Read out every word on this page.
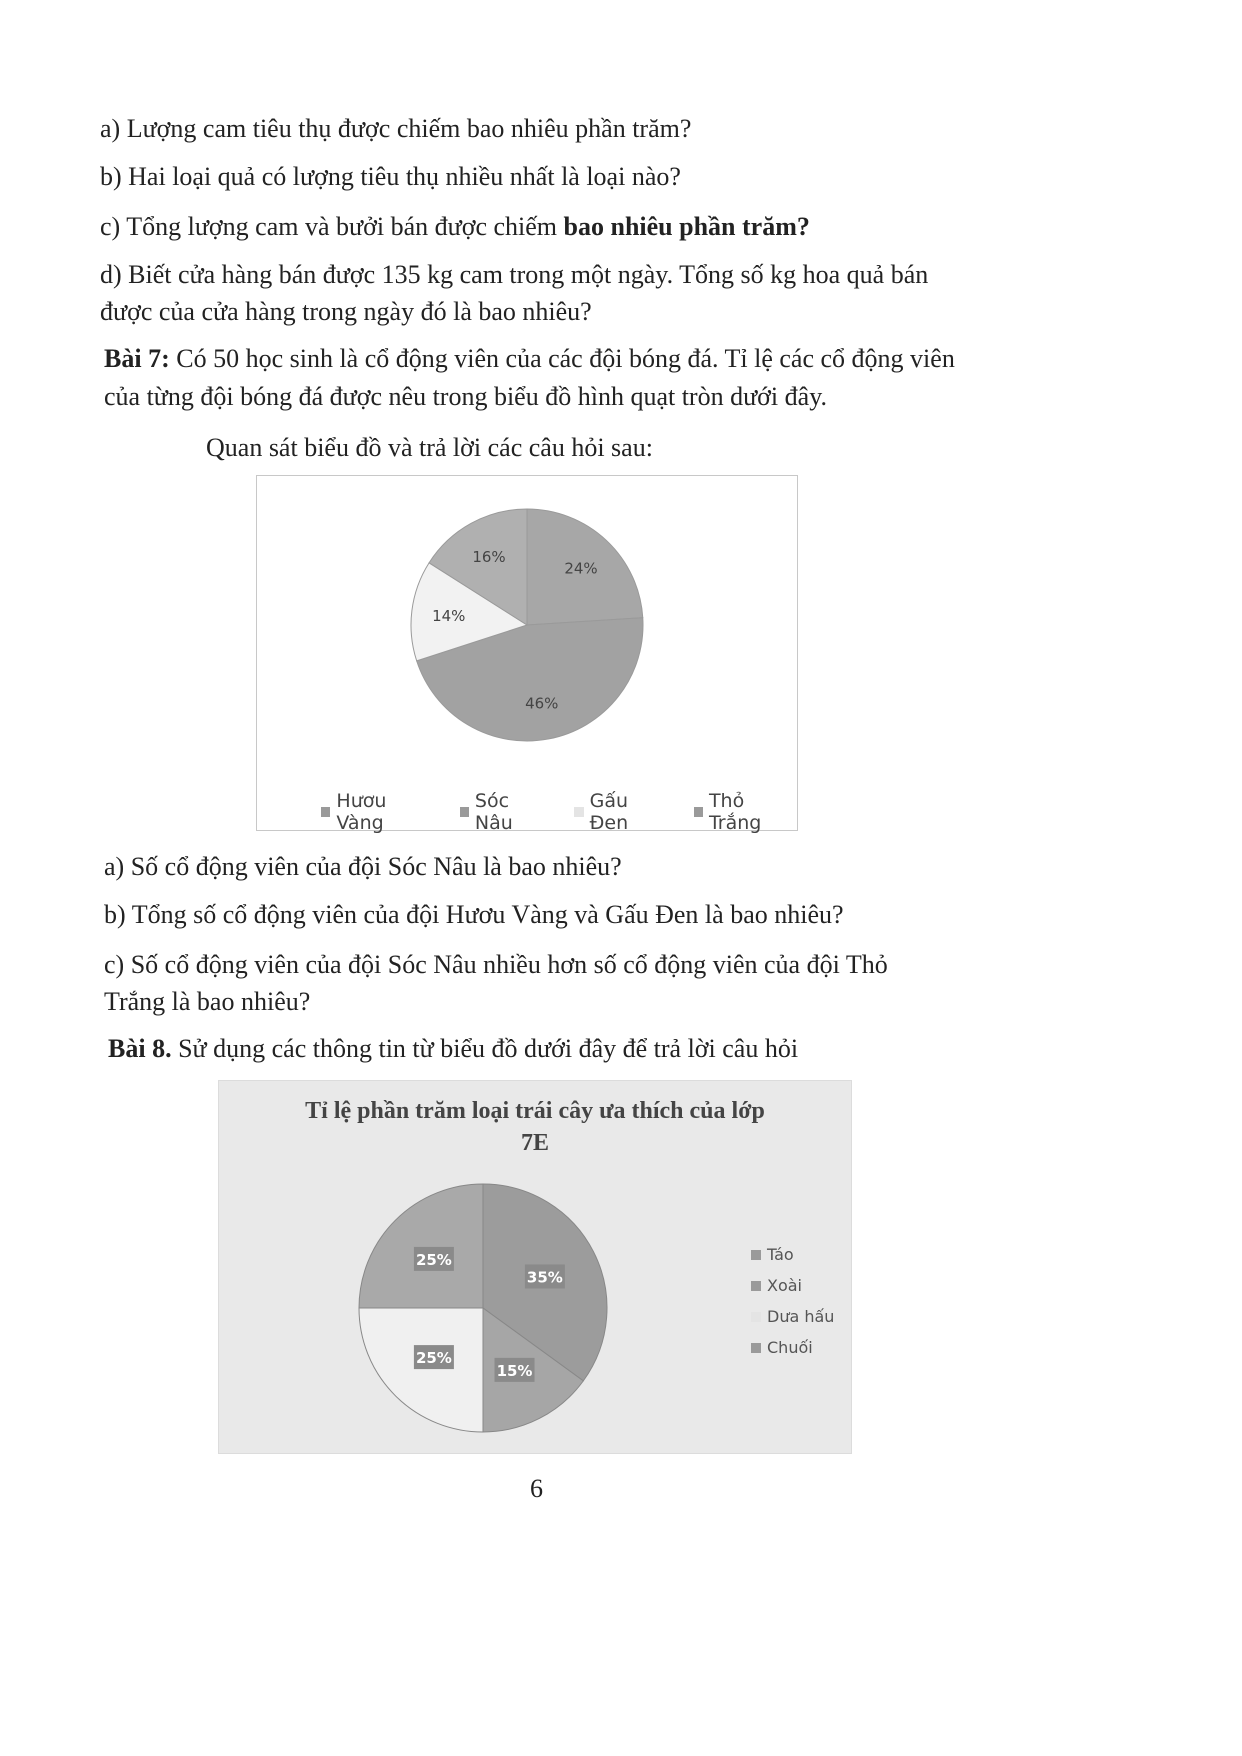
a) Lượng cam tiêu thụ được chiếm bao nhiêu phần trăm?
b) Hai loại quả có lượng tiêu thụ nhiều nhất là loại nào?
c) Tổng lượng cam và bưởi bán được chiếm bao nhiêu phần trăm?
d) Biết cửa hàng bán được 135 kg cam trong một ngày. Tổng số kg hoa quả bán
được của cửa hàng trong ngày đó là bao nhiêu?
Bài 7: Có 50 học sinh là cổ động viên của các đội bóng đá. Tỉ lệ các cổ động viên
của từng đội bóng đá được nêu trong biểu đồ hình quạt tròn dưới đây.
Quan sát biểu đồ và trả lời các câu hỏi sau:
24%
46%
14%
16%
Hươu Vàng
Sóc Nâu
Gấu Đen
Thỏ Trắng
a) Số cổ động viên của đội Sóc Nâu là bao nhiêu?
b) Tổng số cổ động viên của đội Hươu Vàng và Gấu Đen là bao nhiêu?
c) Số cổ động viên của đội Sóc Nâu nhiều hơn số cổ động viên của đội Thỏ
Trắng là bao nhiêu?
Bài 8. Sử dụng các thông tin từ biểu đồ dưới đây để trả lời câu hỏi
Tỉ lệ phần trăm loại trái cây ưa thích của lớp
7E
35%
15%
25%
25%	Táo
Xoài
Dưa hấu
Chuối
6
